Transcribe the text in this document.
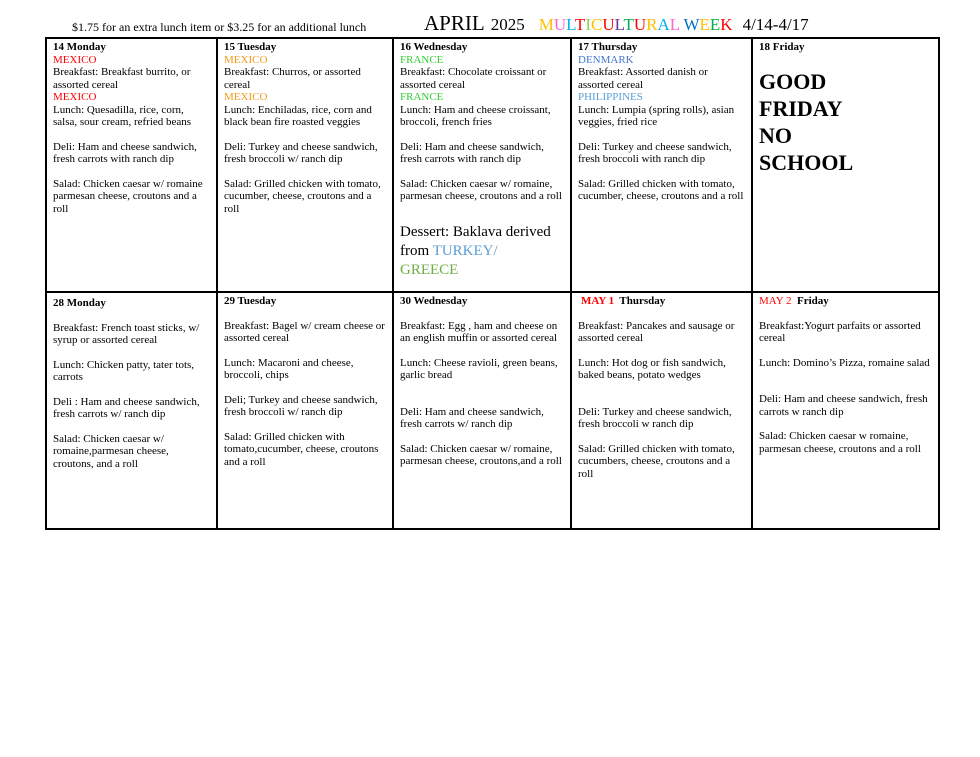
$1.75 for an extra lunch item or $3.25 for an additional lunch	APRIL 2025 MULTICULTURAL WEEK 4/14-4/17

14 Monday

MEXICO

Breakfast: Breakfast burrito, or assorted cereal

MEXICO

Lunch: Quesadilla, rice, corn, salsa, sour cream, refried beans

Deli: Ham and cheese sandwich, fresh carrots with ranch dip

Salad: Chicken caesar w/ romaine parmesan cheese, croutons and a roll

15 Tuesday

MEXICO

Breakfast: Churros, or assorted cereal

MEXICO

Lunch: Enchiladas, rice, corn and black bean fire roasted veggies

Deli: Turkey and cheese sandwich, fresh broccoli w/ ranch dip

Salad: Grilled chicken with tomato, cucumber, cheese, croutons and a roll

16 Wednesday

FRANCE

Breakfast: Chocolate croissant or assorted cereal

FRANCE

Lunch: Ham and cheese croissant, broccoli, french fries

Deli: Ham and cheese sandwich, fresh carrots with ranch dip

Salad: Chicken caesar w/ romaine, parmesan cheese, croutons and a roll

Dessert: Baklava derived from TURKEY/
GREECE

17 Thursday

DENMARK

Breakfast: Assorted danish or assorted cereal

PHILIPPINES

Lunch: Lumpia (spring rolls), asian veggies, fried rice

Deli: Turkey and cheese sandwich, fresh broccoli with ranch dip

Salad: Grilled chicken with tomato, cucumber, cheese, croutons and a roll

18 Friday

GOOD

FRIDAY

NO

SCHOOL

28 Monday

Breakfast: French toast sticks, w/ syrup or assorted cereal

Lunch: Chicken patty, tater tots, carrots

Deli : Ham and cheese sandwich, fresh carrots w/ ranch dip

Salad: Chicken caesar w/ romaine,parmesan cheese, croutons, and a roll

29 Tuesday

Breakfast: Bagel w/ cream cheese or assorted cereal

Lunch: Macaroni and cheese, broccoli, chips

Deli; Turkey and cheese sandwich, fresh broccoli w/ ranch dip

Salad: Grilled chicken with tomato,cucumber, cheese, croutons and a roll

30 Wednesday

Breakfast: Egg , ham and cheese on an english muffin or assorted cereal

Lunch: Cheese ravioli, green beans, garlic bread

Deli: Ham and cheese sandwich, fresh carrots w/ ranch dip

Salad: Chicken caesar w/ romaine, parmesan cheese, croutons,and a roll

MAY 1 Thursday

Breakfast: Pancakes and sausage or assorted cereal

Lunch: Hot dog or fish sandwich, baked beans, potato wedges

Deli: Turkey and cheese sandwich, fresh broccoli w ranch dip

Salad: Grilled chicken with tomato, cucumbers, cheese, croutons and a roll

MAY 2 Friday

Breakfast:Yogurt parfaits or assorted cereal

Lunch: Domino’s Pizza, romaine salad

Deli: Ham and cheese sandwich, fresh carrots w ranch dip

Salad: Chicken caesar w romaine, parmesan cheese, croutons and a roll
